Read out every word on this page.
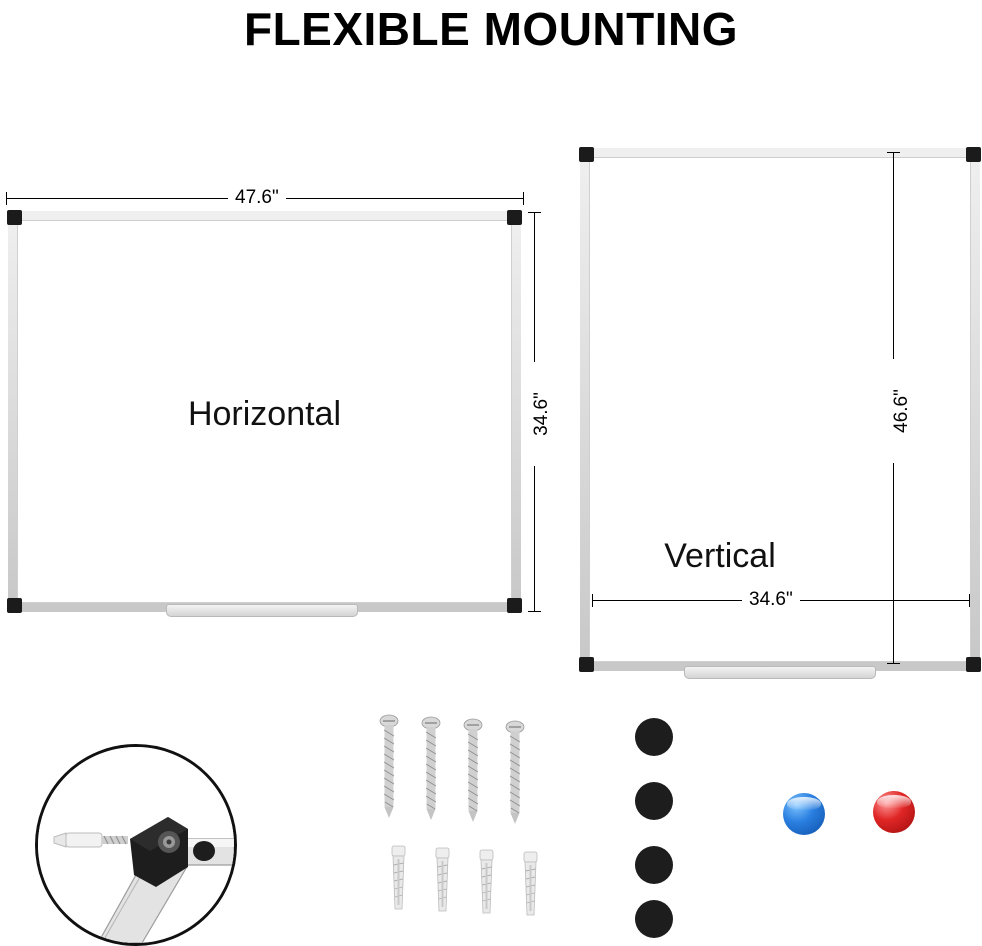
FLEXIBLE MOUNTING
47.6"
34.6"
Horizontal
Vertical
46.6"
34.6"
